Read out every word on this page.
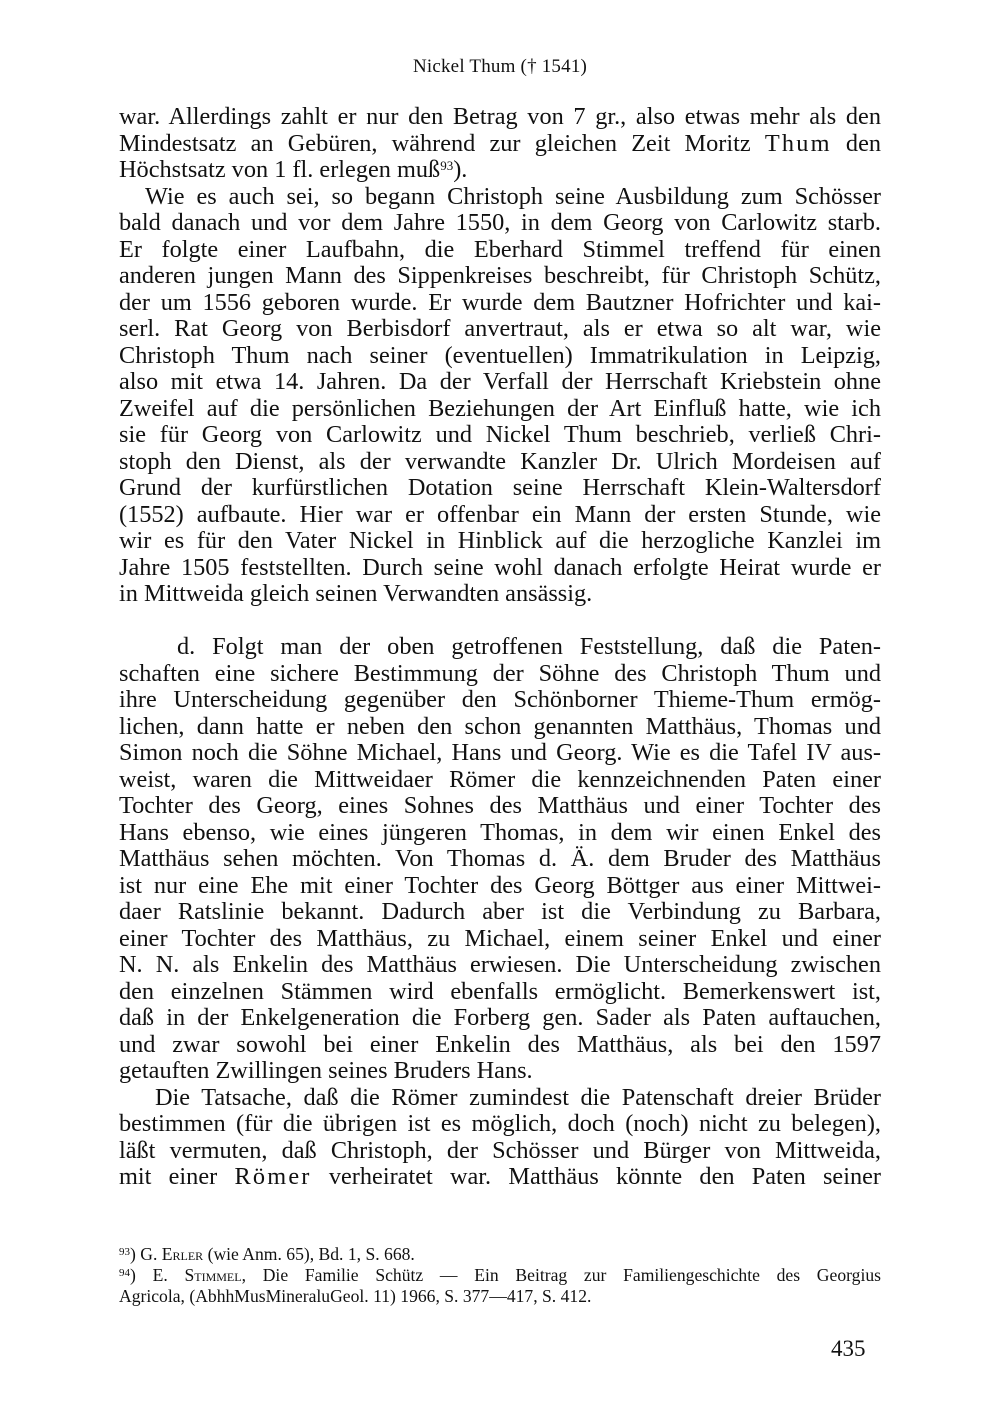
Nickel Thum († 1541)
war. Allerdings zahlt er nur den Betrag von 7 gr., also etwas mehr als den
Mindestsatz an Gebüren, während zur gleichen Zeit Moritz Thum den
Höchstsatz von 1 fl. erlegen muß$^{93}$).
Wie es auch sei, so begann Christoph seine Ausbildung zum Schösser
bald danach und vor dem Jahre 1550, in dem Georg von Carlowitz starb.
Er folgte einer Laufbahn, die Eberhard Stimmel treffend für einen
anderen jungen Mann des Sippenkreises beschreibt, für Christoph Schütz,
der um 1556 geboren wurde. Er wurde dem Bautzner Hofrichter und kai-
serl. Rat Georg von Berbisdorf anvertraut, als er etwa so alt war, wie
Christoph Thum nach seiner (eventuellen) Immatrikulation in Leipzig,
also mit etwa 14. Jahren. Da der Verfall der Herrschaft Kriebstein ohne
Zweifel auf die persönlichen Beziehungen der Art Einfluß hatte, wie ich
sie für Georg von Carlowitz und Nickel Thum beschrieb, verließ Chri-
stoph den Dienst, als der verwandte Kanzler Dr. Ulrich Mordeisen auf
Grund der kurfürstlichen Dotation seine Herrschaft Klein-Waltersdorf
(1552) aufbaute. Hier war er offenbar ein Mann der ersten Stunde, wie
wir es für den Vater Nickel in Hinblick auf die herzogliche Kanzlei im
Jahre 1505 feststellten. Durch seine wohl danach erfolgte Heirat wurde er
in Mittweida gleich seinen Verwandten ansässig.
d. Folgt man der oben getroffenen Feststellung, daß die Paten-
schaften eine sichere Bestimmung der Söhne des Christoph Thum und
ihre Unterscheidung gegenüber den Schönborner Thieme-Thum ermög-
lichen, dann hatte er neben den schon genannten Matthäus, Thomas und
Simon noch die Söhne Michael, Hans und Georg. Wie es die Tafel IV aus-
weist, waren die Mittweidaer Römer die kennzeichnenden Paten einer
Tochter des Georg, eines Sohnes des Matthäus und einer Tochter des
Hans ebenso, wie eines jüngeren Thomas, in dem wir einen Enkel des
Matthäus sehen möchten. Von Thomas d. Ä. dem Bruder des Matthäus
ist nur eine Ehe mit einer Tochter des Georg Böttger aus einer Mittwei-
daer Ratslinie bekannt. Dadurch aber ist die Verbindung zu Barbara,
einer Tochter des Matthäus, zu Michael, einem seiner Enkel und einer
N. N. als Enkelin des Matthäus erwiesen. Die Unterscheidung zwischen
den einzelnen Stämmen wird ebenfalls ermöglicht. Bemerkenswert ist,
daß in der Enkelgeneration die Forberg gen. Sader als Paten auftauchen,
und zwar sowohl bei einer Enkelin des Matthäus, als bei den 1597
getauften Zwillingen seines Bruders Hans.
Die Tatsache, daß die Römer zumindest die Patenschaft dreier Brüder
bestimmen (für die übrigen ist es möglich, doch (noch) nicht zu belegen),
läßt vermuten, daß Christoph, der Schösser und Bürger von Mittweida,
mit einer Römer verheiratet war. Matthäus könnte den Paten seiner
$^{93}$) G. Erler (wie Anm. 65), Bd. 1, S. 668.
$^{94}$) E. Stimmel, Die Familie Schütz — Ein Beitrag zur Familiengeschichte des Georgius
Agricola, (AbhhMusMineraluGeol. 11) 1966, S. 377—417, S. 412.
435
